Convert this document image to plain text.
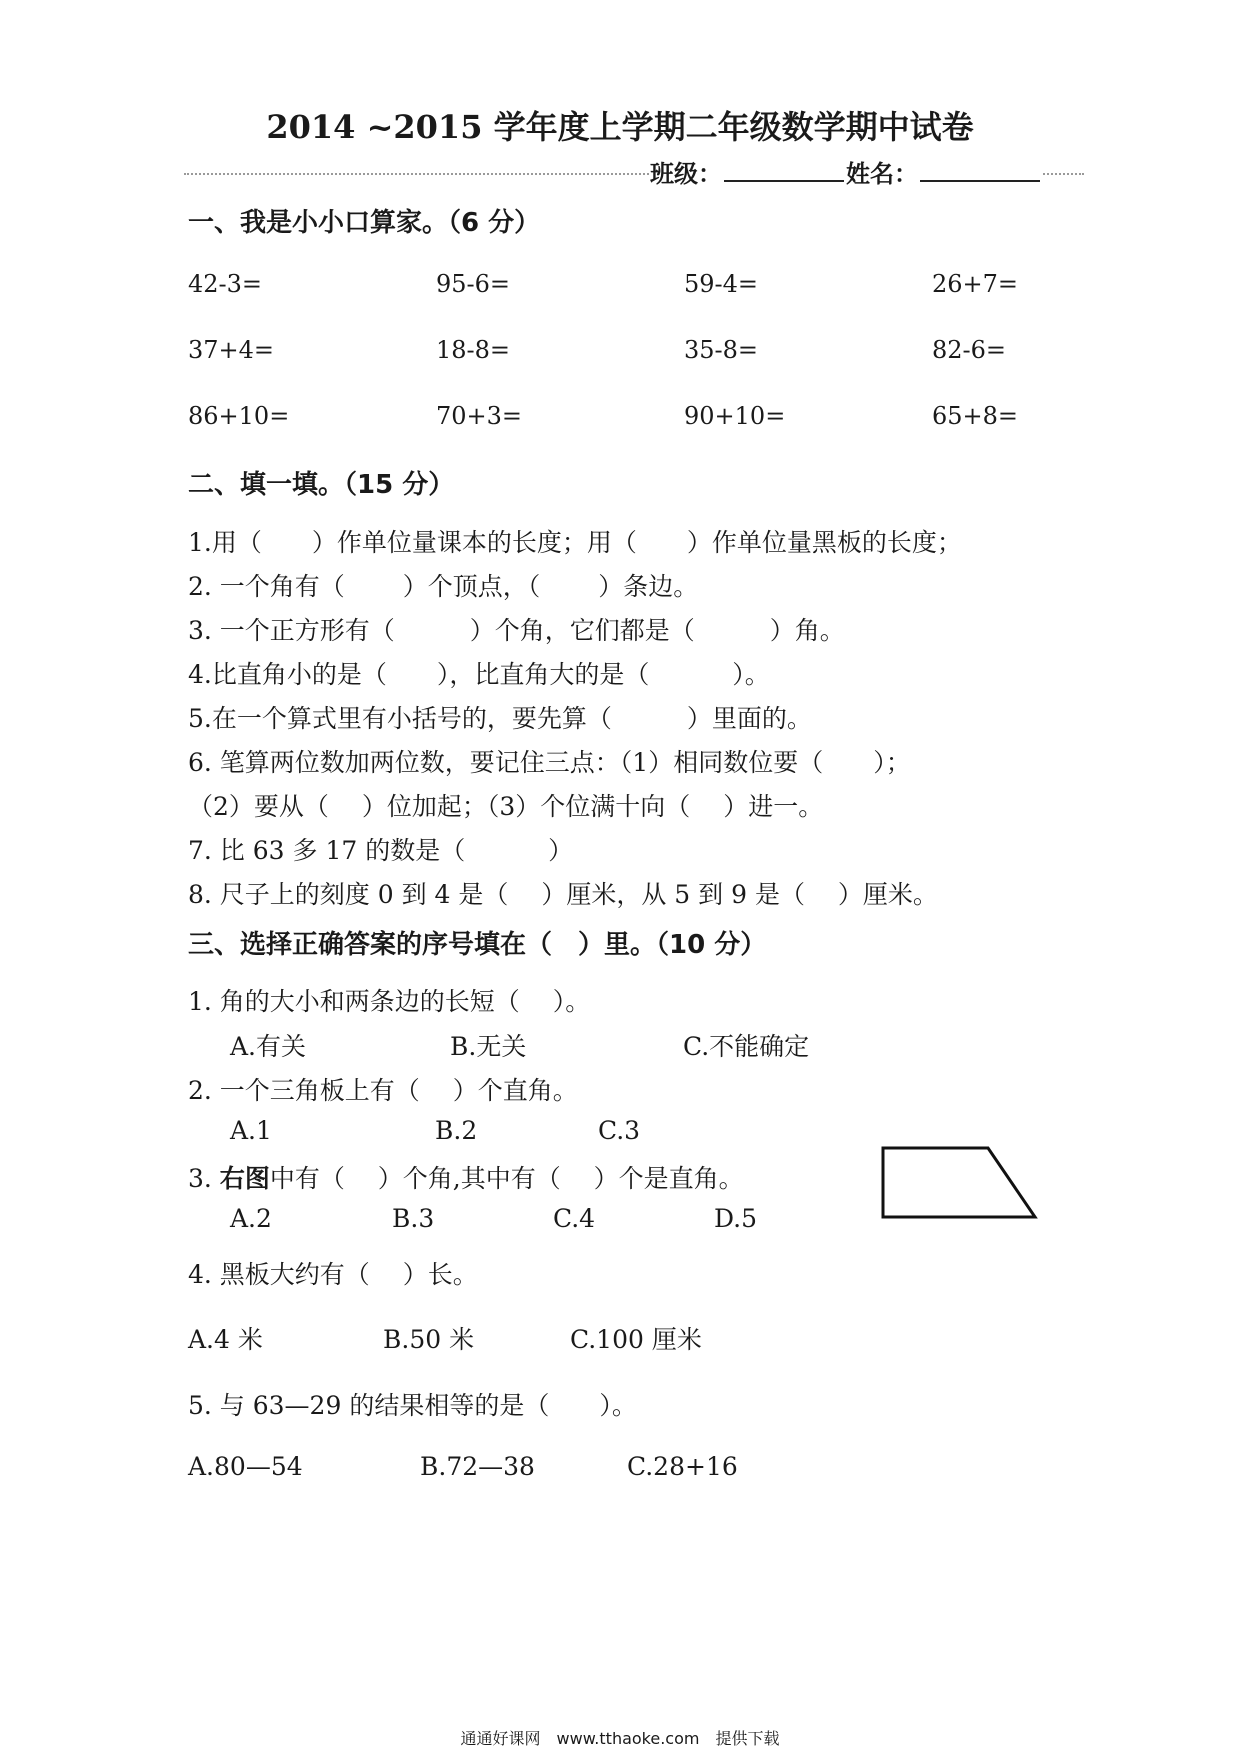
2014 ~2015 学年度上学期二年级数学期中试卷
班级：	姓名：
一、我是小小口算家。（6 分）
42-3=	95-6=	59-4=	26+7=
37+4=	18-8=	35-8=	82-6=
86+10=	70+3=	90+10=	65+8=
二、填一填。（15 分）
1.用（　　）作单位量课本的长度；用（　　）作单位量黑板的长度；
2. 一个角有（　　 ）个顶点，（　　 ）条边。
3. 一个正方形有（　　　）个角，它们都是（　　　）角。
4.比直角小的是（　　），比直角大的是（　　　 ）。
5.在一个算式里有小括号的，要先算（　　　）里面的。
6. 笔算两位数加两位数，要记住三点：（1）相同数位要（　　）；
（2）要从（　 ）位加起；（3）个位满十向（　 ）进一。
7. 比 63 多 17 的数是（　　　 ）
8. 尺子上的刻度 0 到 4 是（　 ）厘米，从 5 到 9 是（　 ）厘米。
三、选择正确答案的序号填在（　）里。（10 分）
1. 角的大小和两条边的长短（　 ）。
A.有关	B.无关	C.不能确定
2. 一个三角板上有（　 ）个直角。
A.1	B.2	C.3
3. 右图中有（　 ）个角,其中有（　 ）个是直角。
A.2	B.3	C.4	D.5
4. 黑板大约有（　 ）长。
A.4 米	B.50 米	C.100 厘米
5. 与 63—29 的结果相等的是（　　）。
A.80—54	B.72—38	C.28+16
通通好课网　www.tthaoke.com　提供下载
